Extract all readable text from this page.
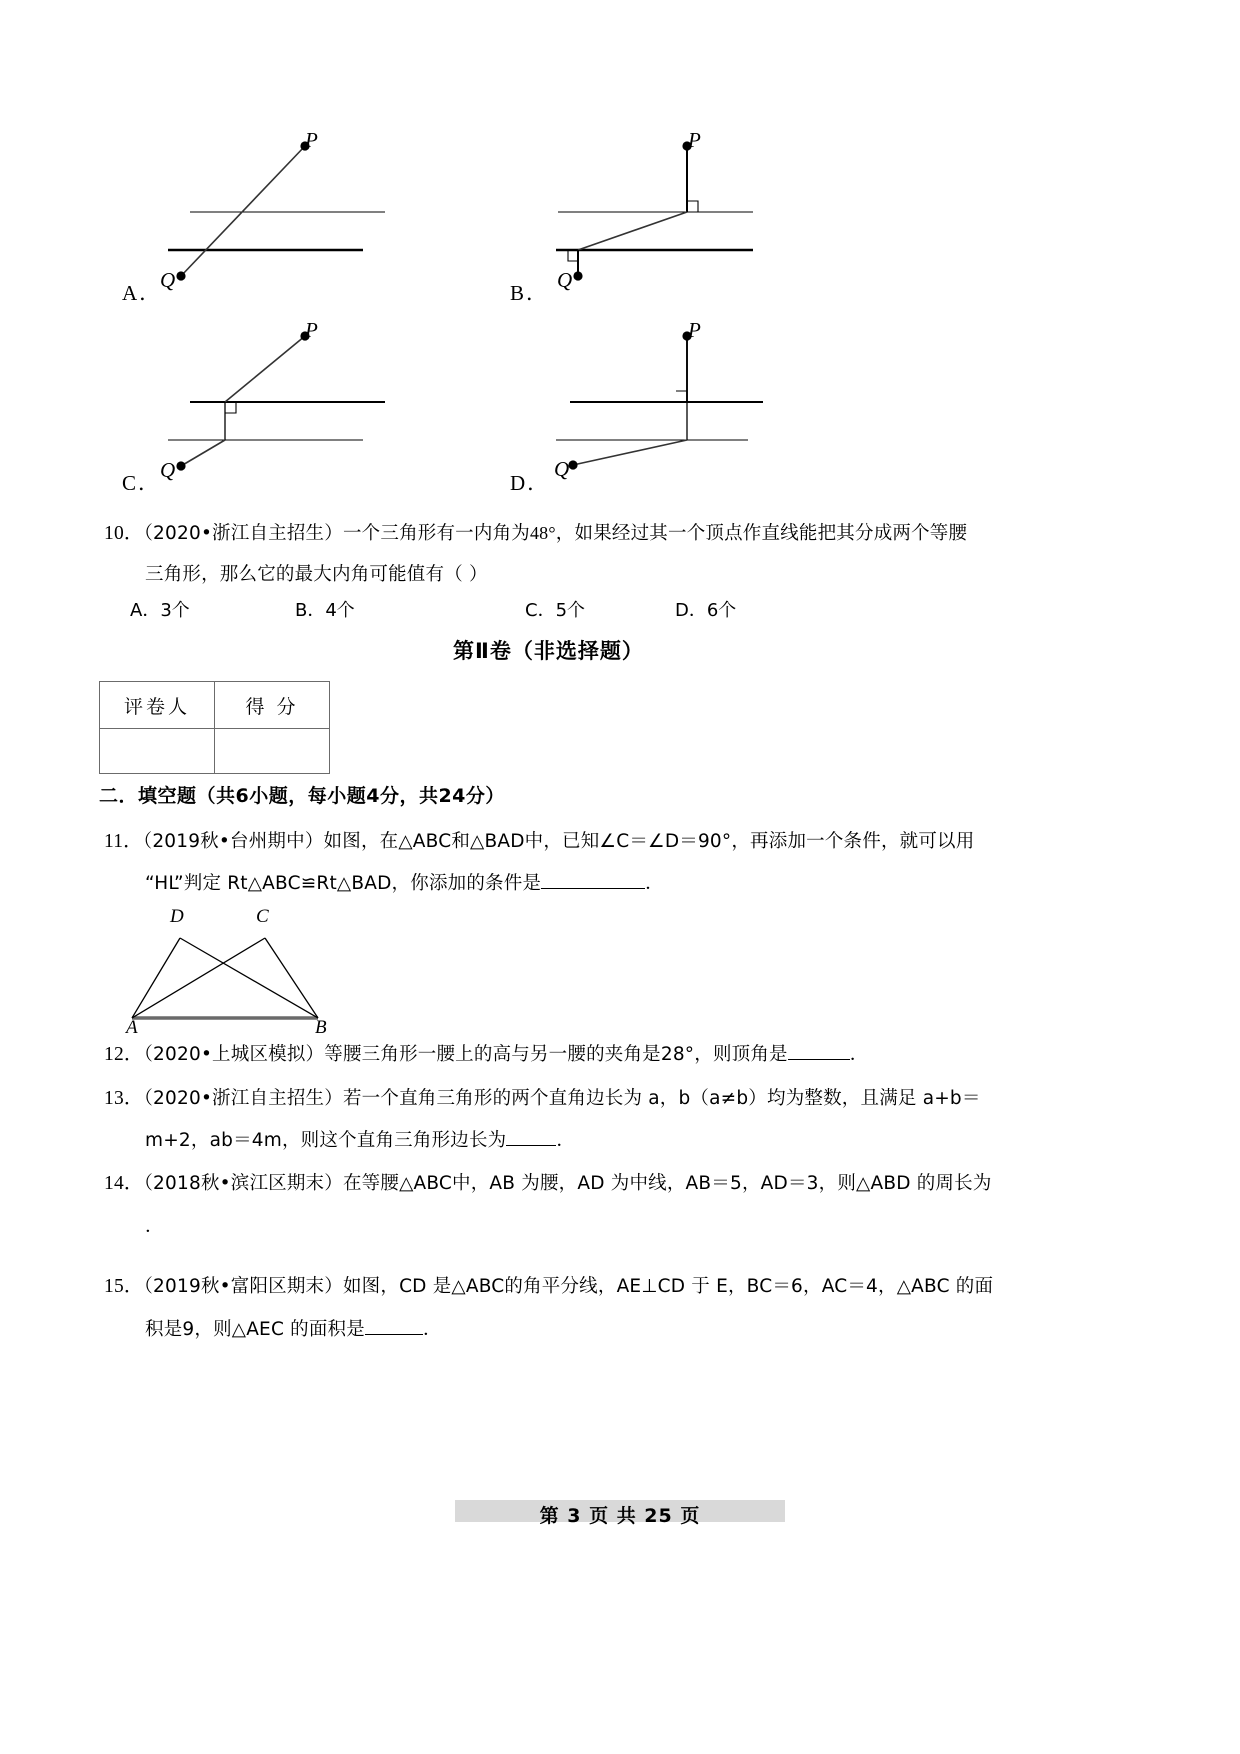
P
Q
A．
P
Q
B．
P
Q
C．
P
Q
D．
10．（2020•浙江自主招生）一个三角形有一内角为48°，如果经过其一个顶点作直线能把其分成两个等腰
三角形，那么它的最大内角可能值有（ ）
A．3个	B．4个	C．5个	D．6个
第Ⅱ卷（非选择题）
评卷人	得 分

二．填空题（共6小题，每小题4分，共24分）
11．（2019秋•台州期中）如图，在△ABC和△BAD中，已知∠C＝∠D＝90°，再添加一个条件，就可以用
“HL”判定 Rt△ABC≌Rt△BAD，你添加的条件是	．
D	C
A	B
12．（2020•上城区模拟）等腰三角形一腰上的高与另一腰的夹角是28°，则顶角是	．
13．（2020•浙江自主招生）若一个直角三角形的两个直角边长为 a，b（a≠b）均为整数，且满足 a+b＝
m+2，ab＝4m，则这个直角三角形边长为	．
14．（2018秋•滨江区期末）在等腰△ABC中，AB 为腰，AD 为中线，AB＝5，AD＝3，则△ABD 的周长为
．
15．（2019秋•富阳区期末）如图，CD 是△ABC的角平分线，AE⊥CD 于 E，BC＝6，AC＝4，△ABC 的面
积是9，则△AEC 的面积是	．
第 3 页 共 25 页
